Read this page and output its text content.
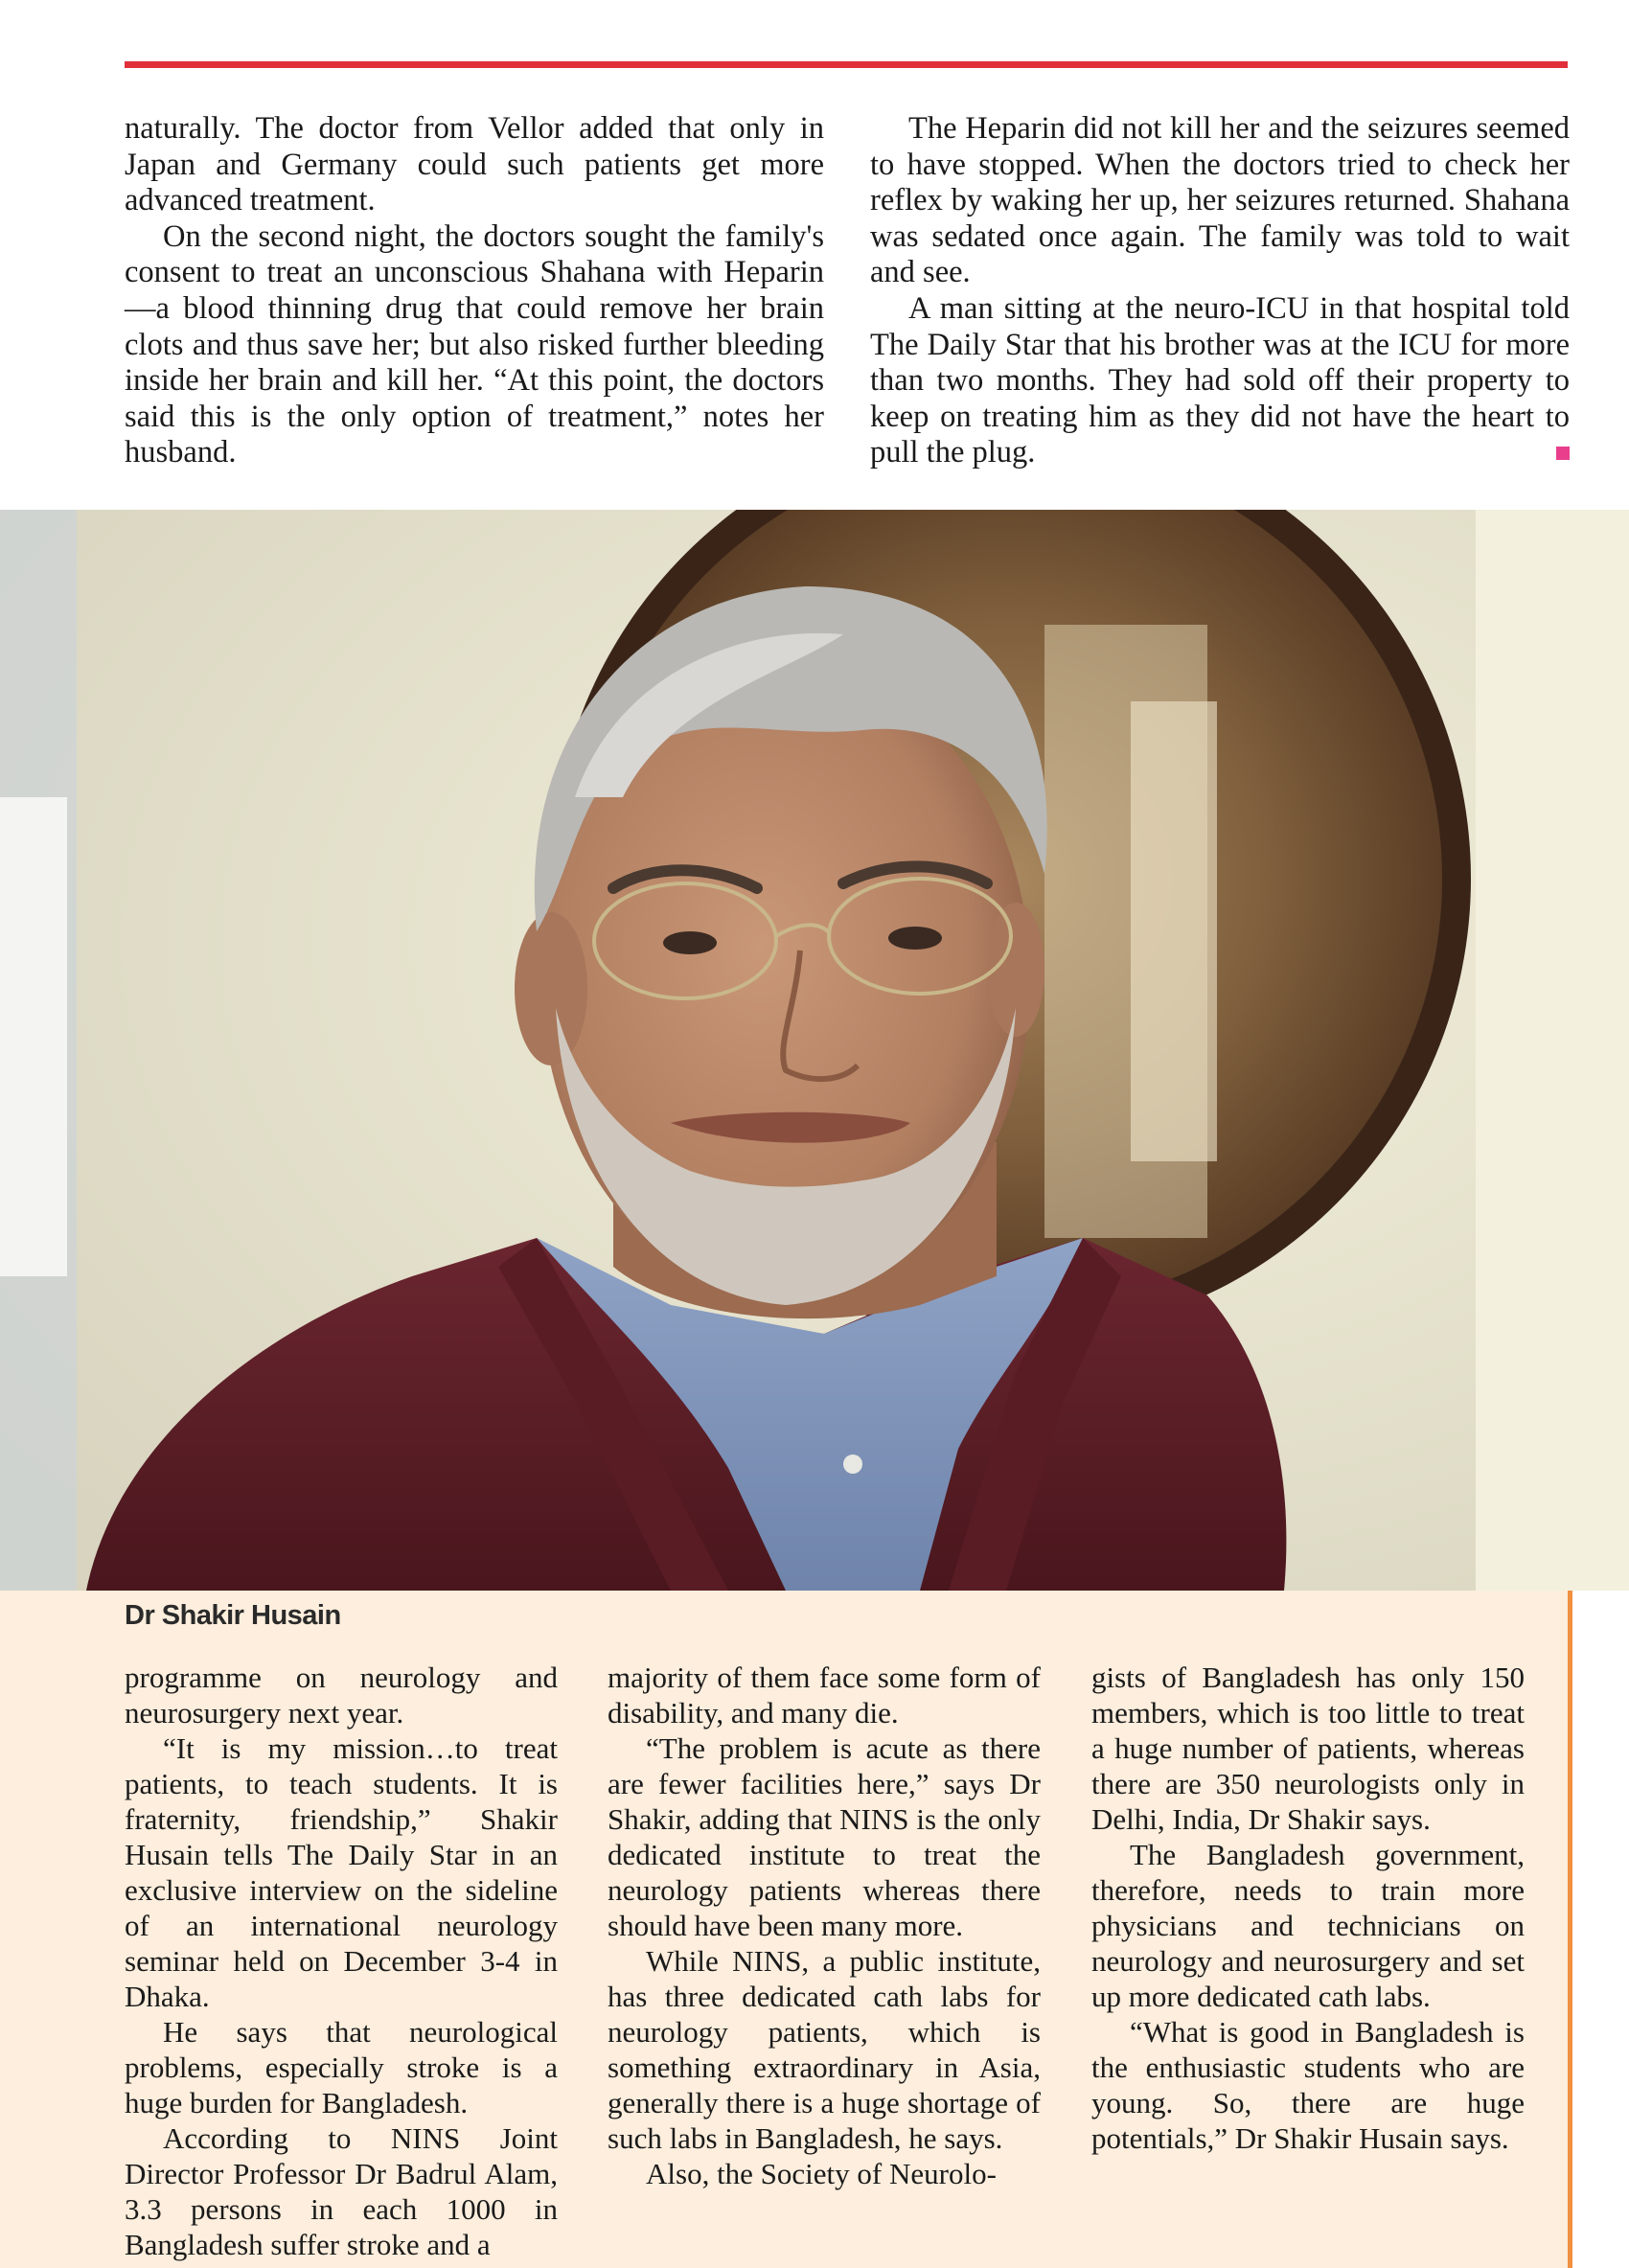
naturally. The doctor from Vellor added that only in Japan and Germany could such patients get more advanced treatment.

On the second night, the doctors sought the family's consent to treat an unconscious Shahana with Heparin—a blood thinning drug that could remove her brain clots and thus save her; but also risked further bleeding inside her brain and kill her. “At this point, the doctors said this is the only option of treatment,” notes her husband.

The Heparin did not kill her and the seizures seemed to have stopped. When the doctors tried to check her reflex by waking her up, her seizures returned. Shahana was sedated once again. The family was told to wait and see.

A man sitting at the neuro-ICU in that hospital told The Daily Star that his brother was at the ICU for more than two months. They had sold off their property to keep on treating him as they did not have the heart to pull the plug.

Dr Shakir Husain

programme on neurology and neurosurgery next year.

“It is my mission…to treat patients, to teach students. It is fraternity, friendship,” Shakir Husain tells The Daily Star in an exclusive interview on the sideline of an international neurology seminar held on December 3-4 in Dhaka.

He says that neurological problems, especially stroke is a huge burden for Bangladesh.

According to NINS Joint Director Professor Dr Badrul Alam, 3.3 persons in each 1000 in Bangladesh suffer stroke and a

majority of them face some form of disability, and many die.

“The problem is acute as there are fewer facilities here,” says Dr Shakir, adding that NINS is the only dedicated institute to treat the neurology patients whereas there should have been many more.

While NINS, a public institute, has three dedicated cath labs for neurology patients, which is something extraordinary in Asia, generally there is a huge shortage of such labs in Bangladesh, he says.

Also, the Society of Neurolo-

gists of Bangladesh has only 150 members, which is too little to treat a huge number of patients, whereas there are 350 neurologists only in Delhi, India, Dr Shakir says.

The Bangladesh government, therefore, needs to train more physicians and technicians on neurology and neurosurgery and set up more dedicated cath labs.

“What is good in Bangladesh is the enthusiastic students who are young. So, there are huge potentials,” Dr Shakir Husain says.
